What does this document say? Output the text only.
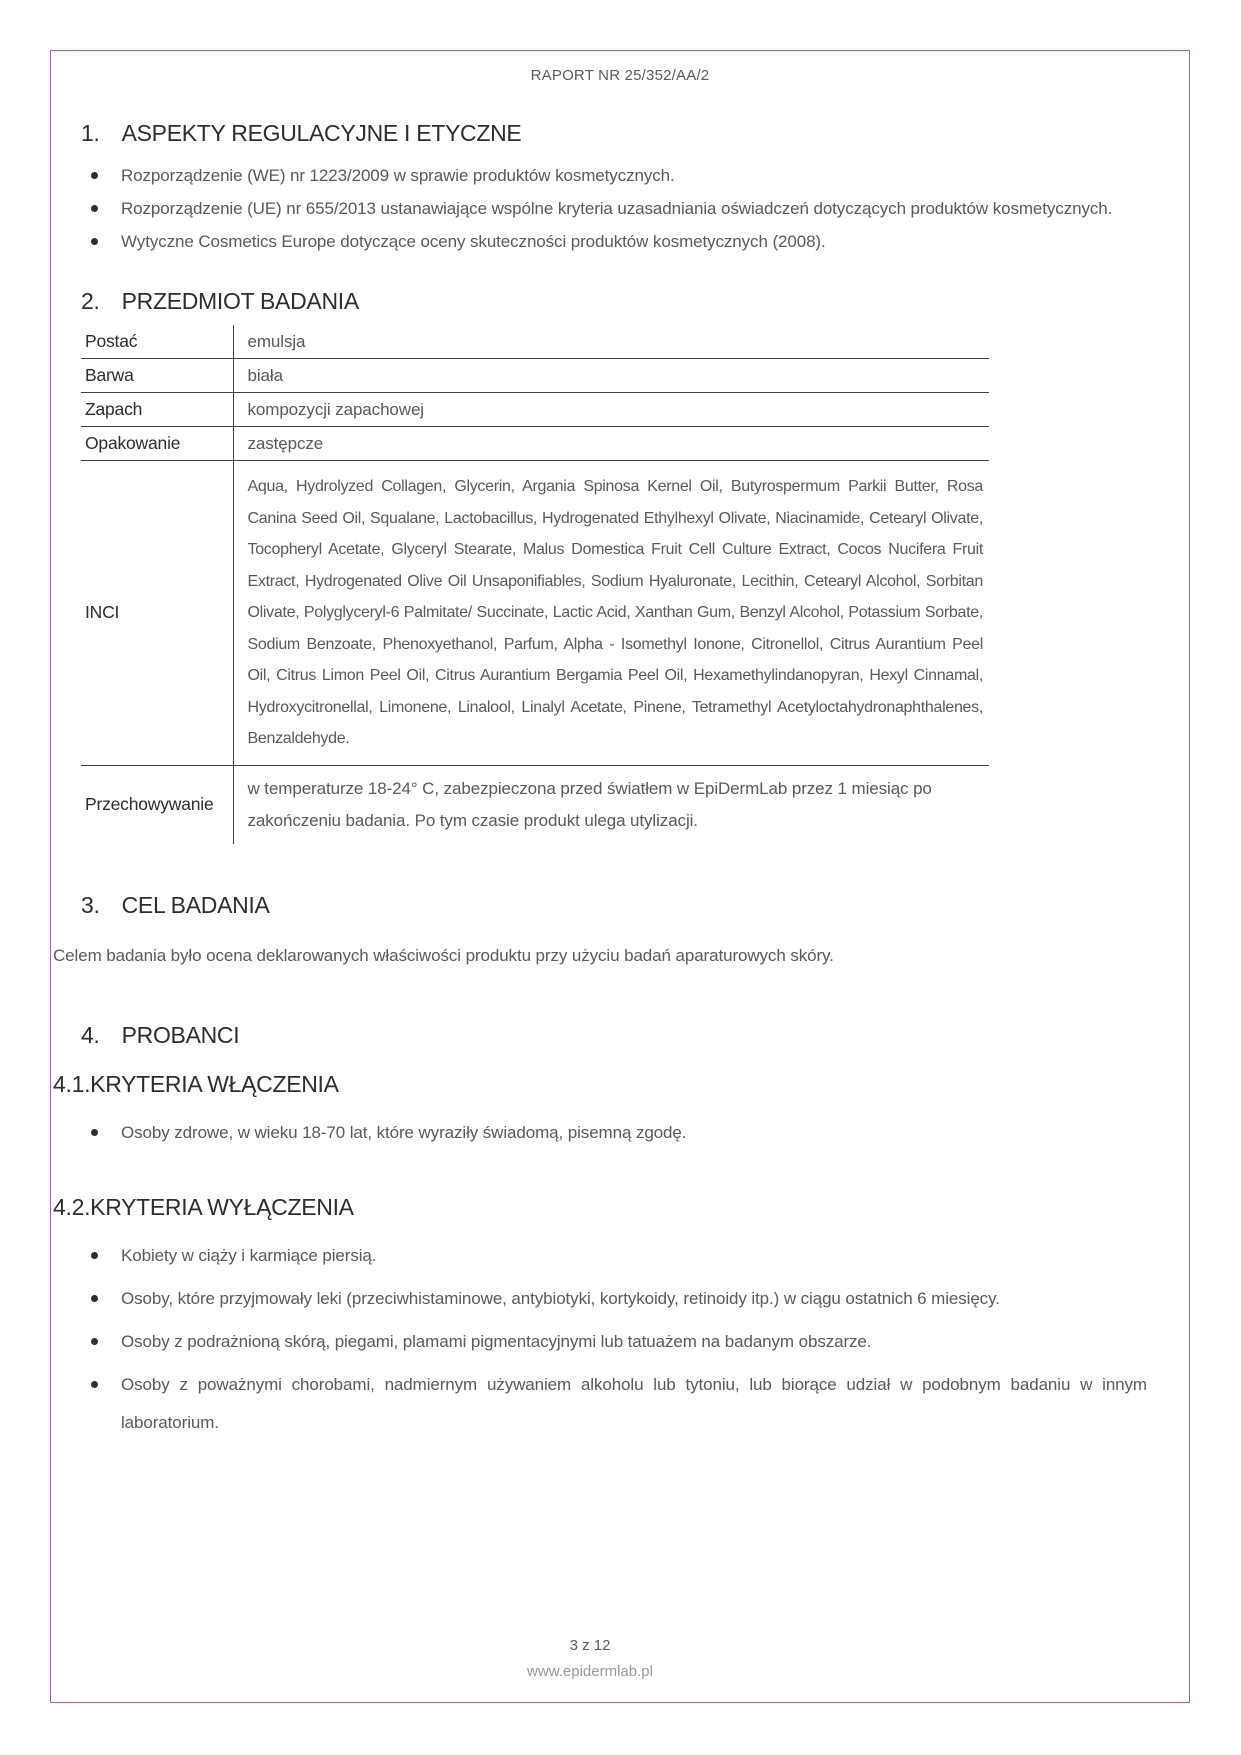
RAPORT NR 25/352/AA/2
1. ASPEKTY REGULACYJNE I ETYCZNE
Rozporządzenie (WE) nr 1223/2009 w sprawie produktów kosmetycznych.
Rozporządzenie (UE) nr 655/2013 ustanawiające wspólne kryteria uzasadniania oświadczeń dotyczących produktów kosmetycznych.
Wytyczne Cosmetics Europe dotyczące oceny skuteczności produktów kosmetycznych (2008).
2. PRZEDMIOT BADANIA
Postać	emulsja
Barwa	biała
Zapach	kompozycji zapachowej
Opakowanie	zastępcze
INCI	Aqua, Hydrolyzed Collagen, Glycerin, Argania Spinosa Kernel Oil, Butyrospermum Parkii Butter, Rosa Canina Seed Oil, Squalane, Lactobacillus, Hydrogenated Ethylhexyl Olivate, Niacinamide, Cetearyl Olivate, Tocopheryl Acetate, Glyceryl Stearate, Malus Domestica Fruit Cell Culture Extract, Cocos Nucifera Fruit Extract, Hydrogenated Olive Oil Unsaponifiables, Sodium Hyaluronate, Lecithin, Cetearyl Alcohol, Sorbitan Olivate, Polyglyceryl-6 Palmitate/ Succinate, Lactic Acid, Xanthan Gum, Benzyl Alcohol, Potassium Sorbate, Sodium Benzoate, Phenoxyethanol, Parfum, Alpha - Isomethyl Ionone, Citronellol, Citrus Aurantium Peel Oil, Citrus Limon Peel Oil, Citrus Aurantium Bergamia Peel Oil, Hexamethylindanopyran, Hexyl Cinnamal, Hydroxycitronellal, Limonene, Linalool, Linalyl Acetate, Pinene, Tetramethyl Acetyloctahydronaphthalenes, Benzaldehyde.
Przechowywanie	w temperaturze 18-24° C, zabezpieczona przed światłem w EpiDermLab przez 1 miesiąc po zakończeniu badania. Po tym czasie produkt ulega utylizacji.
3. CEL BADANIA

Celem badania było ocena deklarowanych właściwości produktu przy użyciu badań aparaturowych skóry.

4. PROBANCI
4.1.KRYTERIA WŁĄCZENIA
Osoby zdrowe, w wieku 18-70 lat, które wyraziły świadomą, pisemną zgodę.
4.2.KRYTERIA WYŁĄCZENIA
Kobiety w ciąży i karmiące piersią.
Osoby, które przyjmowały leki (przeciwhistaminowe, antybiotyki, kortykoidy, retinoidy itp.) w ciągu ostatnich 6 miesięcy.
Osoby z podrażnioną skórą, piegami, plamami pigmentacyjnymi lub tatuażem na badanym obszarze.
Osoby z poważnymi chorobami, nadmiernym używaniem alkoholu lub tytoniu, lub biorące udział w podobnym badaniu w innym laboratorium.
3 z 12
www.epidermlab.pl
